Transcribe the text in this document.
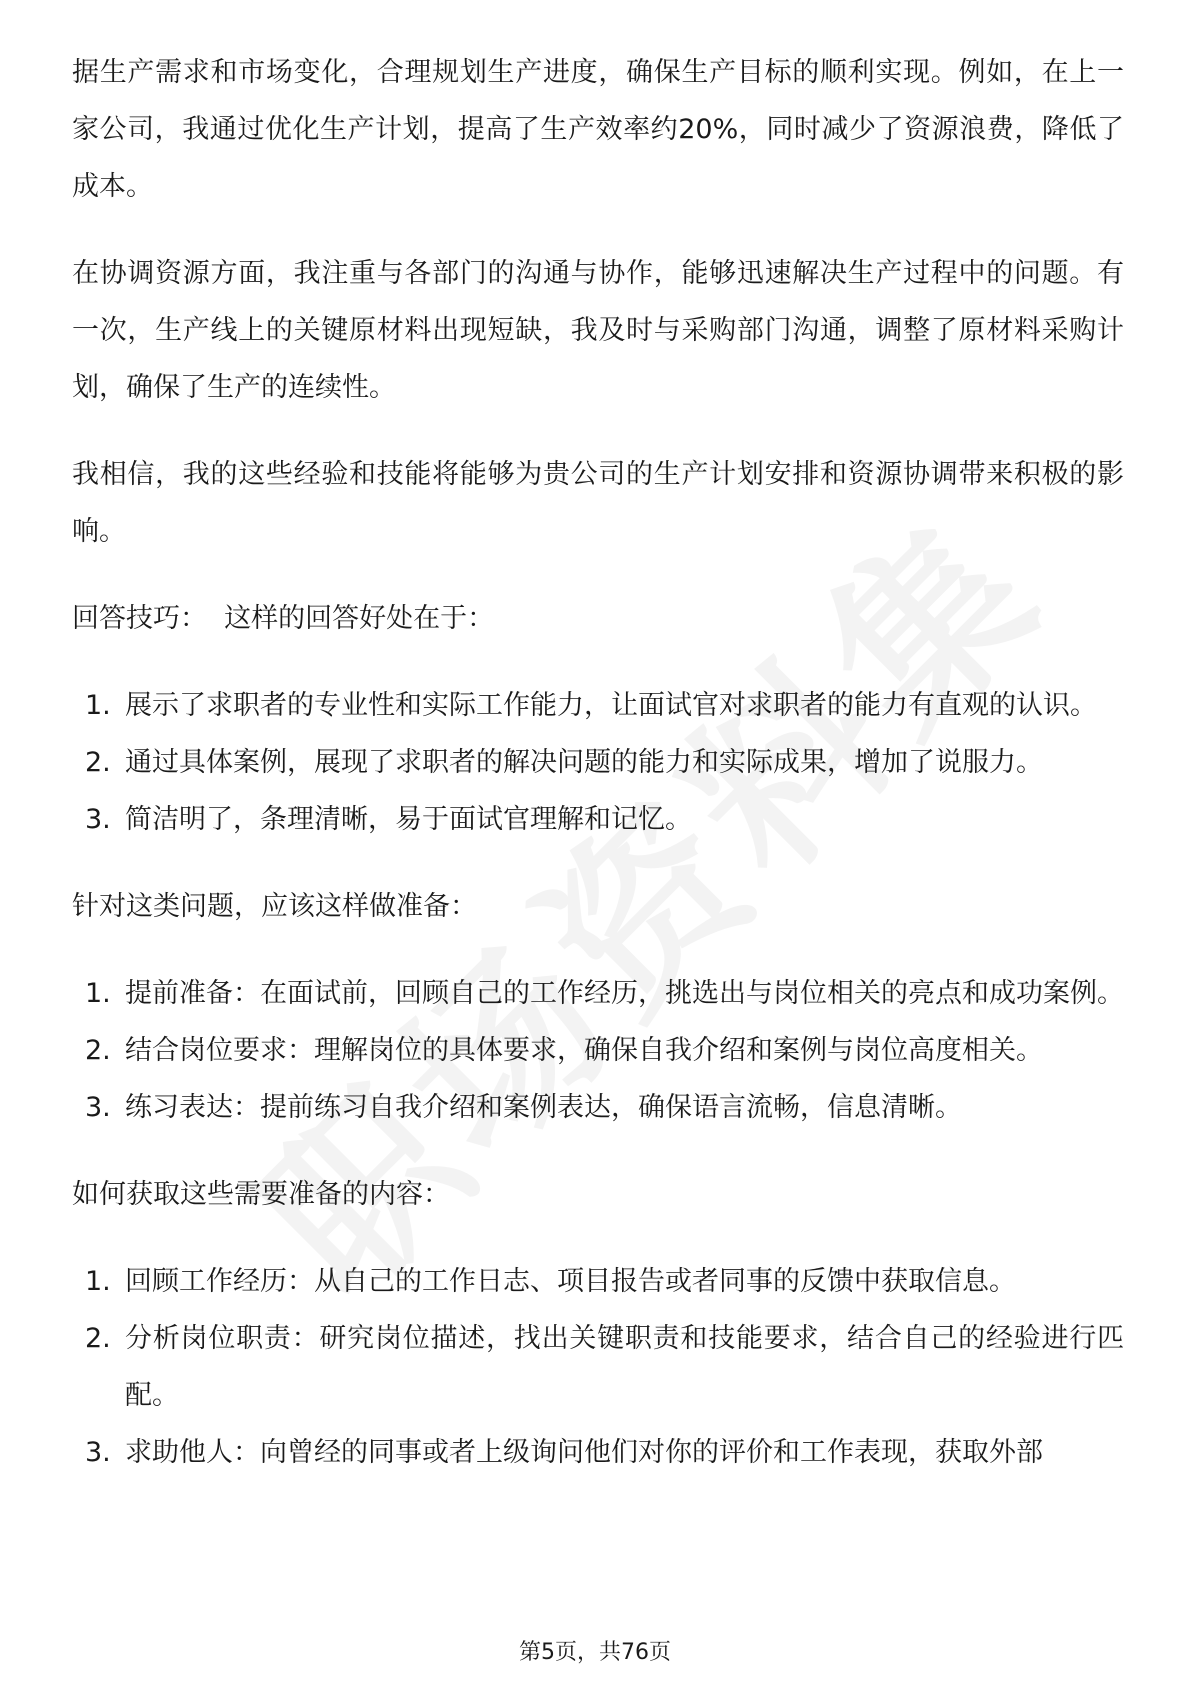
据生产需求和市场变化，合理规划生产进度，确保生产目标的顺利实现。例如，在上一家公司，我通过优化生产计划，提高了生产效率约20%，同时减少了资源浪费，降低了成本。

在协调资源方面，我注重与各部门的沟通与协作，能够迅速解决生产过程中的问题。有一次，生产线上的关键原材料出现短缺，我及时与采购部门沟通，调整了原材料采购计划，确保了生产的连续性。

我相信，我的这些经验和技能将能够为贵公司的生产计划安排和资源协调带来积极的影响。

回答技巧：  这样的回答好处在于：

1. 展示了求职者的专业性和实际工作能力，让面试官对求职者的能力有直观的认识。
2. 通过具体案例，展现了求职者的解决问题的能力和实际成果，增加了说服力。
3. 简洁明了，条理清晰，易于面试官理解和记忆。

针对这类问题，应该这样做准备：

1. 提前准备：在面试前，回顾自己的工作经历，挑选出与岗位相关的亮点和成功案例。
2. 结合岗位要求：理解岗位的具体要求，确保自我介绍和案例与岗位高度相关。
3. 练习表达：提前练习自我介绍和案例表达，确保语言流畅，信息清晰。

如何获取这些需要准备的内容：

1. 回顾工作经历：从自己的工作日志、项目报告或者同事的反馈中获取信息。
2. 分析岗位职责：研究岗位描述，找出关键职责和技能要求，结合自己的经验进行匹配。
3. 求助他人：向曾经的同事或者上级询问他们对你的评价和工作表现，获取外部
第5页，共76页
